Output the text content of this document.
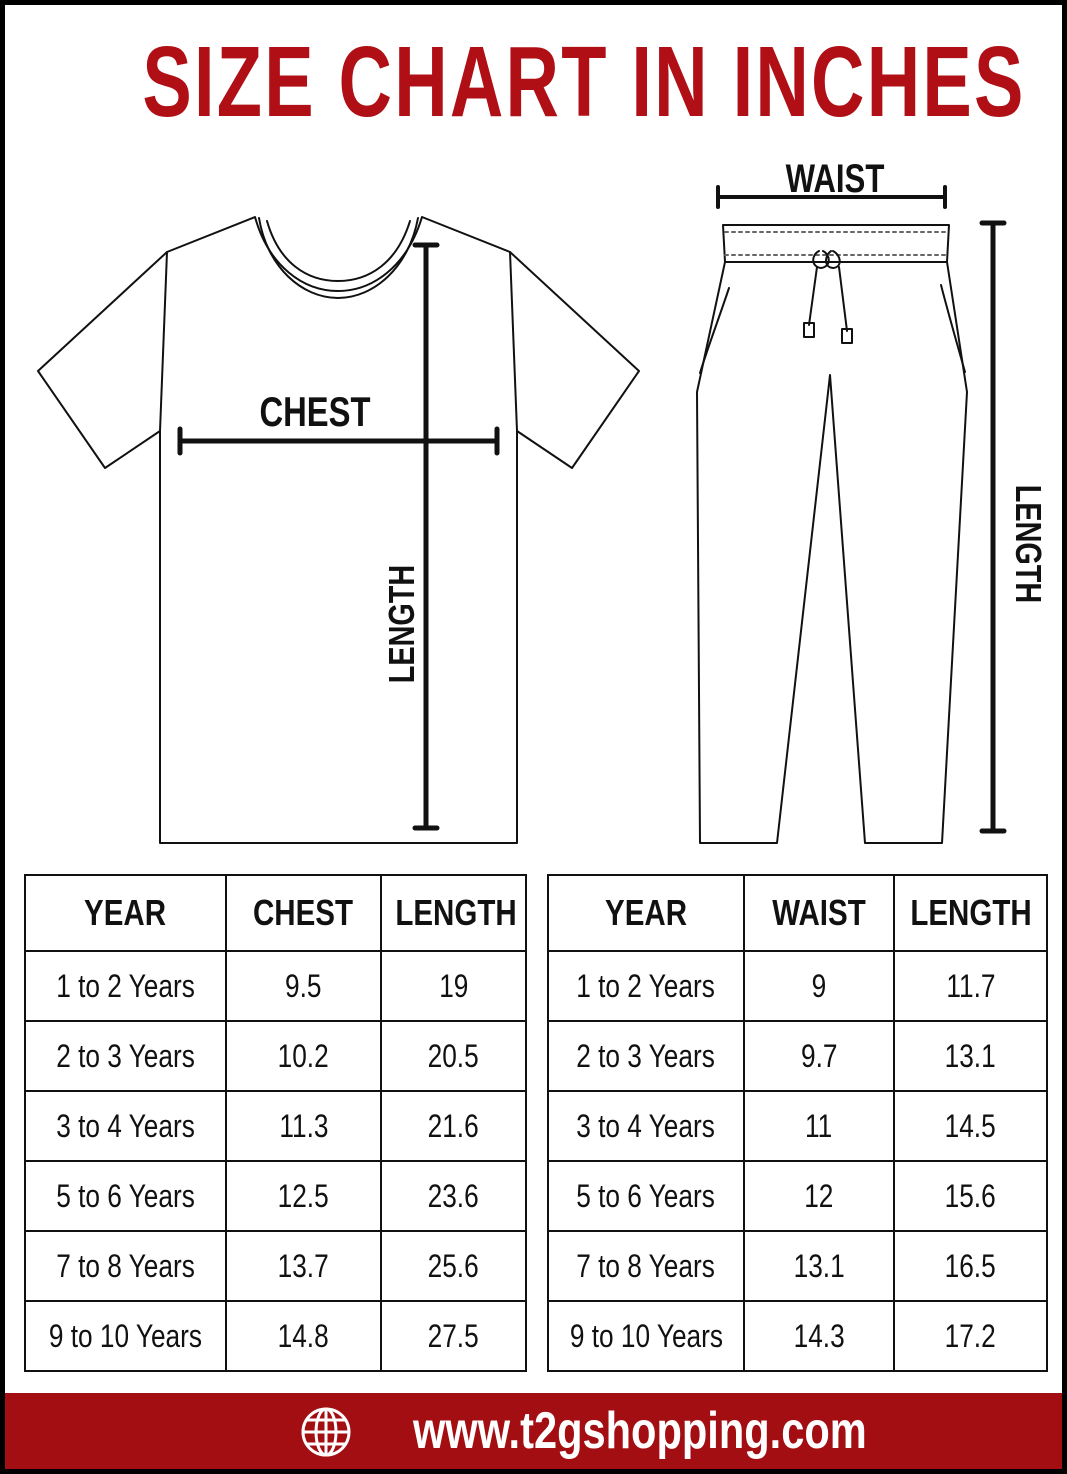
SIZE CHART IN INCHES
CHEST
LENGTH
WAIST
LENGTH
YEAR	CHEST	LENGTH
1 to 2 Years	9.5	19
2 to 3 Years	10.2	20.5
3 to 4 Years	11.3	21.6
5 to 6 Years	12.5	23.6
7 to 8 Years	13.7	25.6
9 to 10 Years	14.8	27.5
YEAR	WAIST	LENGTH
1 to 2 Years	9	11.7
2 to 3 Years	9.7	13.1
3 to 4 Years	11	14.5
5 to 6 Years	12	15.6
7 to 8 Years	13.1	16.5
9 to 10 Years	14.3	17.2
www.t2gshopping.com
